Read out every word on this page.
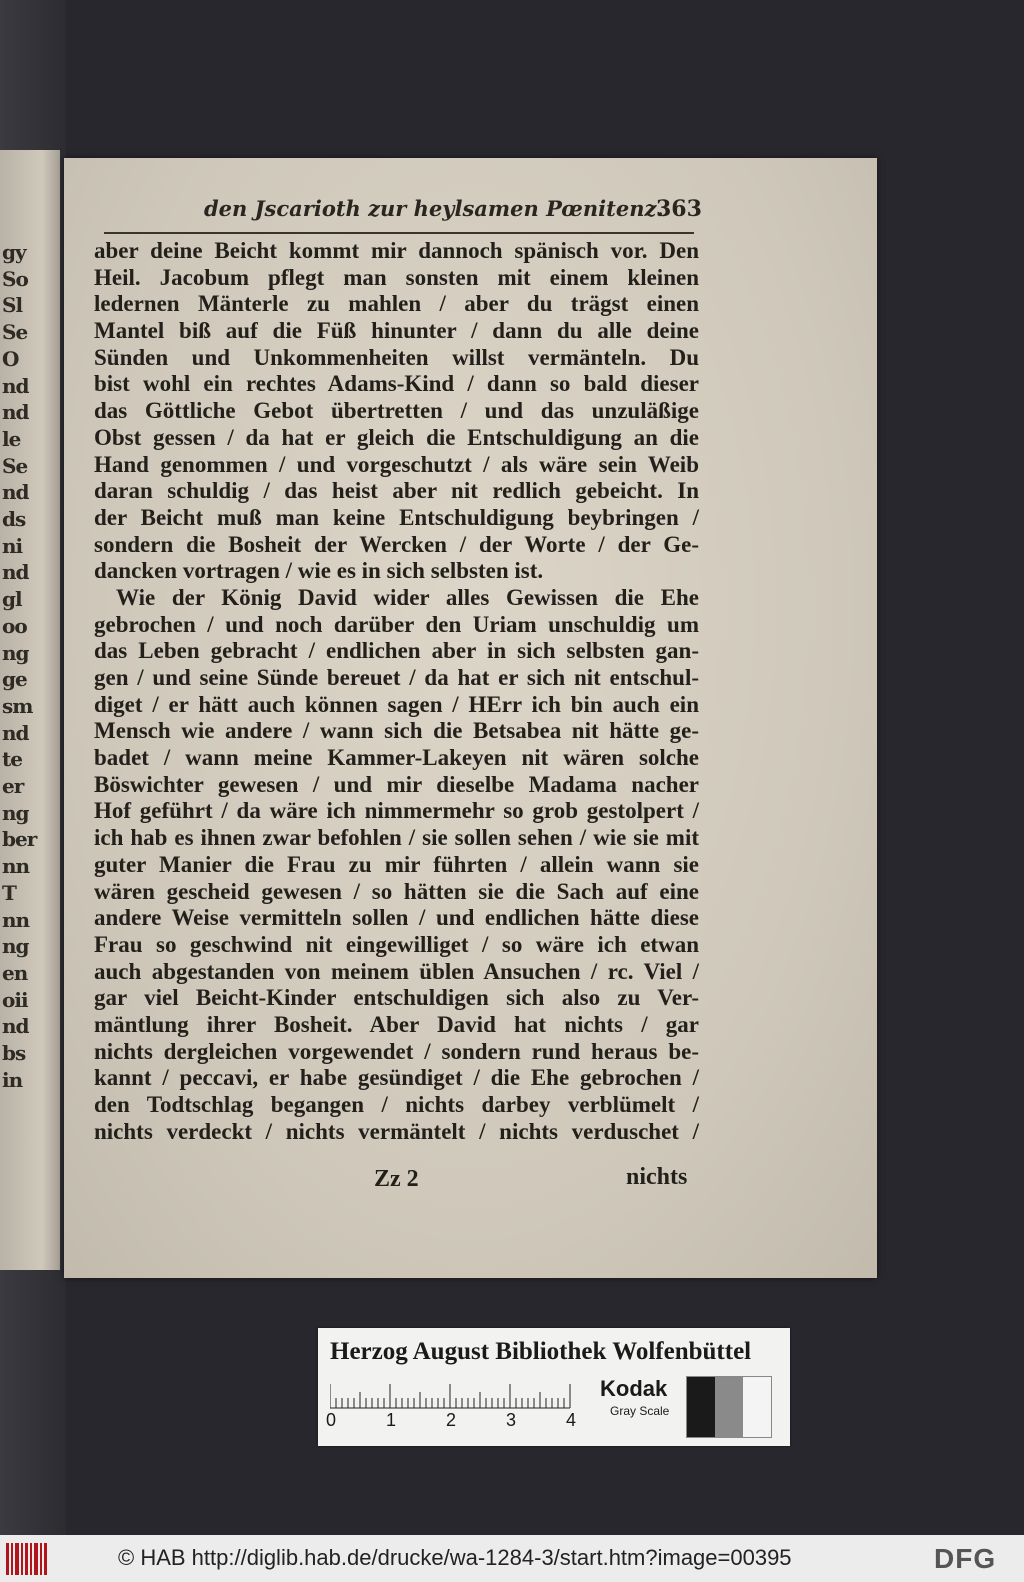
gy
So
Sl
Se
O
nd
nd
le
Se
nd
ds
ni
nd
gl
oo
ng
ge
sm
nd
te
er
ng
ber
nn
T
nn
ng
en
oii
nd
bs
in
den Jscarioth zur heylsamen Pœnitenz.
363
aber deine Beicht kommt mir dannoch spänisch vor. Den
Heil. Jacobum pflegt man sonsten mit einem kleinen
ledernen Mänterle zu mahlen / aber du trägst einen
Mantel biß auf die Füß hinunter / dann du alle deine
Sünden und Unkommenheiten willst vermänteln. Du
bist wohl ein rechtes Adams-Kind / dann so bald dieser
das Göttliche Gebot übertretten / und das unzuläßige
Obst gessen / da hat er gleich die Entschuldigung an die
Hand genommen / und vorgeschutzt / als wäre sein Weib
daran schuldig / das heist aber nit redlich gebeicht. In
der Beicht muß man keine Entschuldigung beybringen /
sondern die Bosheit der Wercken / der Worte / der Ge-
dancken vortragen / wie es in sich selbsten ist.
Wie der König David wider alles Gewissen die Ehe
gebrochen / und noch darüber den Uriam unschuldig um
das Leben gebracht / endlichen aber in sich selbsten gan-
gen / und seine Sünde bereuet / da hat er sich nit entschul-
diget / er hätt auch können sagen / HErr ich bin auch ein
Mensch wie andere / wann sich die Betsabea nit hätte ge-
badet / wann meine Kammer-Lakeyen nit wären solche
Böswichter gewesen / und mir dieselbe Madama nacher
Hof geführt / da wäre ich nimmermehr so grob gestolpert /
ich hab es ihnen zwar befohlen / sie sollen sehen / wie sie mit
guter Manier die Frau zu mir führten / allein wann sie
wären gescheid gewesen / so hätten sie die Sach auf eine
andere Weise vermitteln sollen / und endlichen hätte diese
Frau so geschwind nit eingewilliget / so wäre ich etwan
auch abgestanden von meinem üblen Ansuchen / rc. Viel /
gar viel Beicht-Kinder entschuldigen sich also zu Ver-
mäntlung ihrer Bosheit. Aber David hat nichts / gar
nichts dergleichen vorgewendet / sondern rund heraus be-
kannt / peccavi, er habe gesündiget / die Ehe gebrochen /
den Todtschlag begangen / nichts darbey verblümelt /
nichts verdeckt / nichts vermäntelt / nichts verduschet /
Zz 2	nichts
Herzog August Bibliothek Wolfenbüttel
0	1	2	3	4
Kodak
Gray Scale
© HAB http://diglib.hab.de/drucke/wa-1284-3/start.htm?image=00395	DFG
